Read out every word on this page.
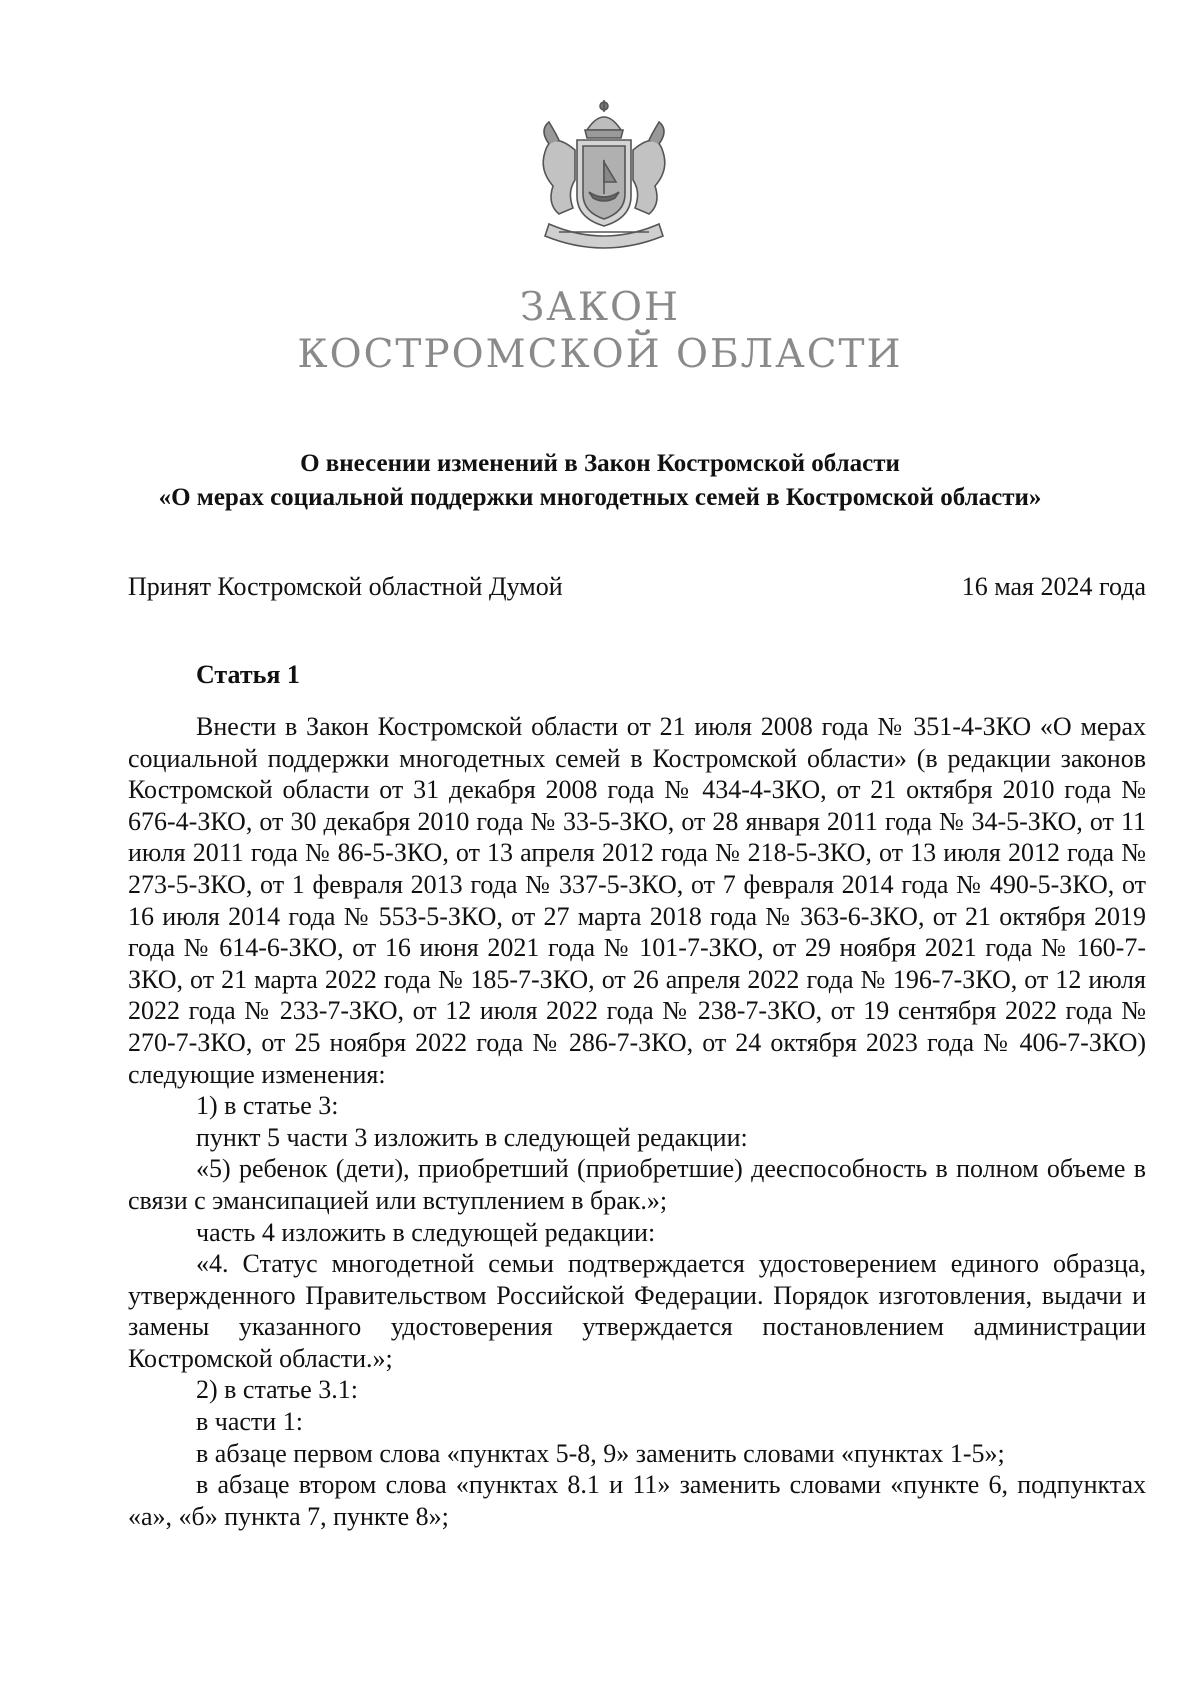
ЗАКОН
КОСТРОМСКОЙ ОБЛАСТИ
О внесении изменений в Закон Костромской области
«О мерах социальной поддержки многодетных семей в Костромской области»
Принят Костромской областной Думой	16 мая 2024 года
Статья 1

Внести в Закон Костромской области от 21 июля 2008 года № 351-4-ЗКО «О мерах социальной поддержки многодетных семей в Костромской области» (в редакции законов Костромской области от 31 декабря 2008 года № 434-4-ЗКО, от 21 октября 2010 года № 676-4-ЗКО, от 30 декабря 2010 года № 33-5-ЗКО, от 28 января 2011 года № 34-5-ЗКО, от 11 июля 2011 года № 86-5-ЗКО, от 13 апреля 2012 года № 218-5-ЗКО, от 13 июля 2012 года № 273-5-ЗКО, от 1 февраля 2013 года № 337-5-ЗКО, от 7 февраля 2014 года № 490-5-ЗКО, от 16 июля 2014 года № 553-5-ЗКО, от 27 марта 2018 года № 363-6-ЗКО, от 21 октября 2019 года № 614-6-ЗКО, от 16 июня 2021 года № 101-7-ЗКО, от 29 ноября 2021 года № 160-7-ЗКО, от 21 марта 2022 года № 185-7-ЗКО, от 26 апреля 2022 года № 196-7-ЗКО, от 12 июля 2022 года № 233-7-ЗКО, от 12 июля 2022 года № 238-7-ЗКО, от 19 сентября 2022 года № 270-7-ЗКО, от 25 ноября 2022 года № 286-7-ЗКО, от 24 октября 2023 года № 406-7-ЗКО) следующие изменения:

1) в статье 3:

пункт 5 части 3 изложить в следующей редакции:

«5) ребенок (дети), приобретший (приобретшие) дееспособность в полном объеме в связи с эмансипацией или вступлением в брак.»;

часть 4 изложить в следующей редакции:

«4. Статус многодетной семьи подтверждается удостоверением единого образца, утвержденного Правительством Российской Федерации. Порядок изготовления, выдачи и замены указанного удостоверения утверждается постановлением администрации Костромской области.»;

2) в статье 3.1:

в части 1:

в абзаце первом слова «пунктах 5-8, 9» заменить словами «пунктах 1-5»;

в абзаце втором слова «пунктах 8.1 и 11» заменить словами «пункте 6, подпунктах «а», «б» пункта 7, пункте 8»;
